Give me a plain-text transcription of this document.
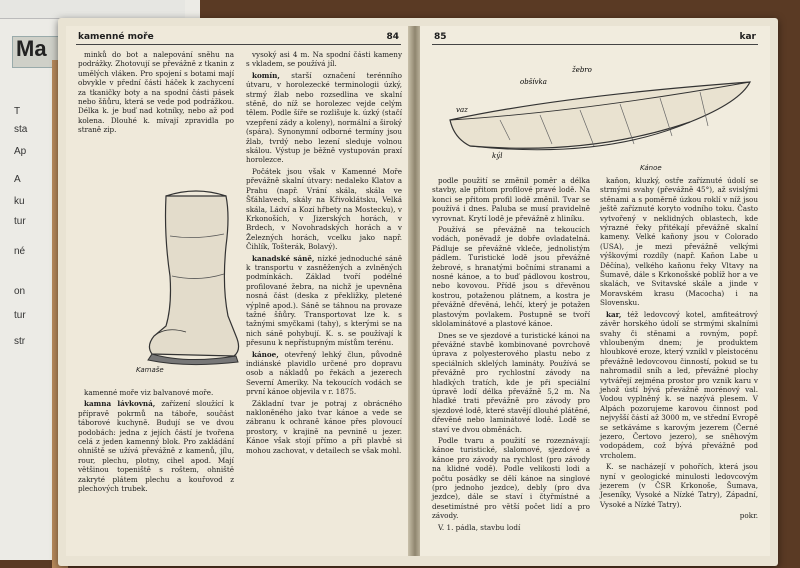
Ma
T
sta
Ap
A
ku
tur
né
on
tur
str
kamenné moře	84

minků do bot a nalepování sněhu na podrážky. Zhotovují se převážně z tkanin z umělých vláken. Pro spojení s botami mají obvykle v přední části háček k zachycení za tkaničky boty a na spodní části pásek nebo šňůru, která se vede pod podrážkou. Délka k. je buď nad kotníky, nebo až pod kolena. Dlouhé k. mívají zpravidla po straně zip.

Kamaše

kamenné moře viz balvanové moře.

kamna lávkovná, zařízení sloužící k přípravě pokrmů na táboře, součást táborové kuchyně. Budují se ve dvou podobách: jedna z jejích částí je tvořena celá z jeden kamenný blok. Pro zakládání ohniště se užívá převážně z kamenů, jílu, rour, plechu, plotny, cihel apod. Mají většinou topeniště s roštem, ohniště zakryté plátem plechu a kouřovod z plechových trubek.

vysoký asi 4 m. Na spodní části kameny s vkladem, se používá jíl.

komín, starší označení terénního útvaru, v horolezecké terminologii úzký, strmý žlab nebo rozsedlina ve skalní stěně, do níž se horolezec vejde celým tělem. Podle šíře se rozlišuje k. úzký (stačí vzepření zády a koleny), normální a široký (spára). Synonymní odborné termíny jsou žlab, tvrdý nebo lezení sleduje volnou skálou. Výstup je běžně vystupován praxí horolezce.

Počátek jsou však v Kamenné Moře převážně skalní útvary: nedaleko Klatov a Prahu (např. Vrání skála, skála ve Šťáhlavech, skály na Křivoklátsku, Velká skála, Ládví a Kozí hřbety na Mostecku), v Krkonoších, v Jizerských horách, v Brdech, v Novohradských horách a v Železných horách, vcelku jako např. Čihlík, Tošterák, Bolavý).

kanadské sáně, nízké jednoduché sáně k transportu v zasněžených a zvlněných podmínkách. Základ tvoří podélné profilované žebra, na nichž je upevněna nosná část (deska z překližky, pletené výplně apod.). Sáně se táhnou na provaze tažné šňůry. Transportovat lze k. s tažnými smyčkami (tahy), s kterými se na nich sáně pohybují. K. s. se používají k přesunu k nepřístupným místům terénu.

kánoe, otevřený lehký člun, původně indiánské plavidlo určené pro dopravu osob a nákladů po řekách a jezerech Severní Ameriky. Na tekoucích vodách se první kánoe objevila v r. 1875.

Základní tvar je potraj z obrácného nakloněného jako tvar kánoe a vede se zábranu k ochraně kánoe přes plovoucí prostory, v krajině na pevnině u jezer. Kánoe však stojí přímo a při plavbě si mohou zachovat, v detailech se však mohl.

85	kar
žebro
obšívka
vaz
kýl
Kánoe

podle použití se změnil poměr a délka stavby, ale přitom profilové pravé lodě. Na konci se přitom profil lodě změnil. Tvar se používá i dnes. Paluba se musí pravidelně vyrovnat. Krytí lodě je převážně z hliníku.

Používá se převážně na tekoucích vodách, poněvadž je dobře ovladatelná. Pádluje se převážně vkleče, jednolistým pádlem. Turistické lodě jsou převážně žebrové, s hranatými bočními stranami a nosné kánoe, a to buď pádlovou kostrou, nebo kovovou. Přídě jsou s dřevěnou kostrou, potaženou plátnem, a kostra je převážně dřevěná, lehčí, který je potažen plastovým povlakem. Postupně se tvoří sklolaminátové a plastové kánoe.

Dnes se ve sjezdové a turistické kánoi na převážné stavbě kombinované povrchově úprava z polyesterového plastu nebo z speciálních sklelých lamináty. Používá se převážně pro rychlostní závody na hladkých tratích, kde je při speciální úpravě lodí délka převážně 5,2 m. Na hladké trati převážně pro závody pro sjezdové lodě, které stavějí dlouhé plátěné, dřevěné nebo laminátové lodě. Lodě se staví ve dvou obměnách.

Podle tvaru a použití se rozeznávají: kánoe turistické, slalomové, sjezdové a kánoe pro závody na rychlost (pro závody na klidné vodě). Podle velikosti lodi a počtu posádky se dělí kánoe na singlové (pro jednoho jezdce), debly (pro dva jezdce), dále se staví i čtyřmístné a desetimístné pro větší počet lidí a pro závody.

V. 1. pádla, stavbu lodí

kaňon, kluzký, ostře zaříznuté údolí se strmými svahy (převážně 45°), až svislými stěnami a s poměrně úzkou roklí v níž jsou ještě zaříznuté koryto vodního toku. Často vytvořený v neklidných oblastech, kde výrazné řeky přitékají převážně skalní kameny. Velké kaňony jsou v Colorado (USA), je mezi převážně velkými výškovými rozdíly (např. Kaňon Labe u Děčína), velkého kaňonu řeky Vltavy na Šumavě, dále s Krkonošské poblíž hor a ve skalách, ve Svitavské skále a jinde v Moravském krasu (Macocha) i na Slovensku.

kar, též ledovcový kotel, amfiteátrový závěr horského údolí se strmými skalními svahy či stěnami a rovným, popř. vhloubeným dnem; je produktem hloubkové eroze, který vznikl v pleistocénu převážně ledovcovou činností, pokud se tu nahromadil sníh a led, převážné plochy vytvářejí zejména prostor pro vznik karu v jehož ústí bývá převážně morénový val. Vodou vyplněný k. se nazývá plesem. V Alpách pozorujeme karovou činnost pod nejvyšší částí až 3000 m, ve střední Evropě se setkáváme s karovým jezerem (Černé jezero, Čertovo jezero), se sněhovým vodopádem, což bývá převážně pod vrcholem.

K. se nacházejí v pohořích, která jsou nyní v geologické minulosti ledovcovým jezerem (v ČSR Krkonoše, Šumava, Jeseníky, Vysoké a Nízké Tatry), Západní, Vysoké a Nízké Tatry).

pokr.
